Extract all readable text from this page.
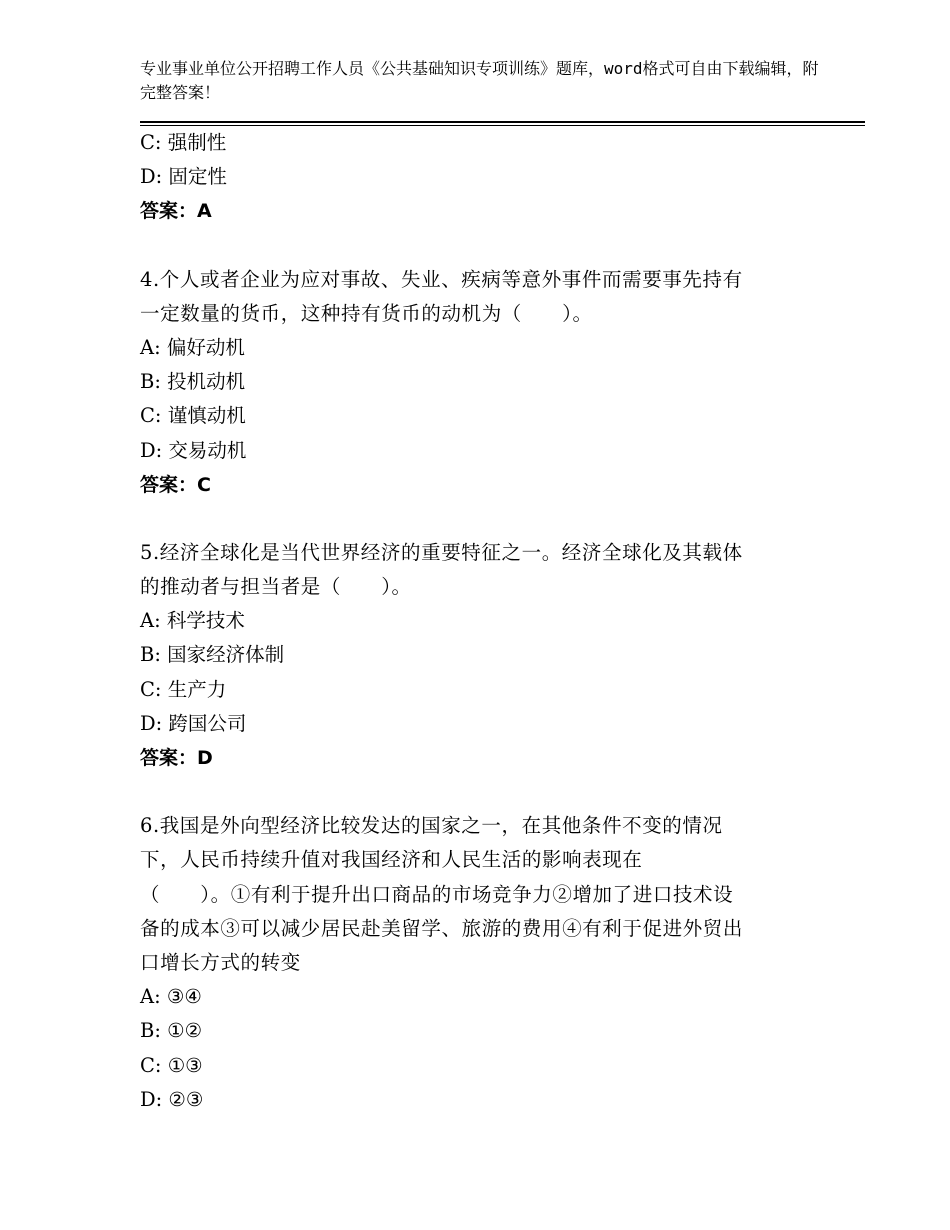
专业事业单位公开招聘工作人员《公共基础知识专项训练》题库，word格式可自由下载编辑，附完整答案！
C: 强制性
D: 固定性
答案：A
4.个人或者企业为应对事故、失业、疾病等意外事件而需要事先持有
一定数量的货币，这种持有货币的动机为（　　）。
A: 偏好动机
B: 投机动机
C: 谨慎动机
D: 交易动机
答案：C
5.经济全球化是当代世界经济的重要特征之一。经济全球化及其载体
的推动者与担当者是（　　）。
A: 科学技术
B: 国家经济体制
C: 生产力
D: 跨国公司
答案：D
6.我国是外向型经济比较发达的国家之一，在其他条件不变的情况
下，人民币持续升值对我国经济和人民生活的影响表现在
（　　）。①有利于提升出口商品的市场竞争力②增加了进口技术设
备的成本③可以减少居民赴美留学、旅游的费用④有利于促进外贸出
口增长方式的转变
A: ③④
B: ①②
C: ①③
D: ②③
